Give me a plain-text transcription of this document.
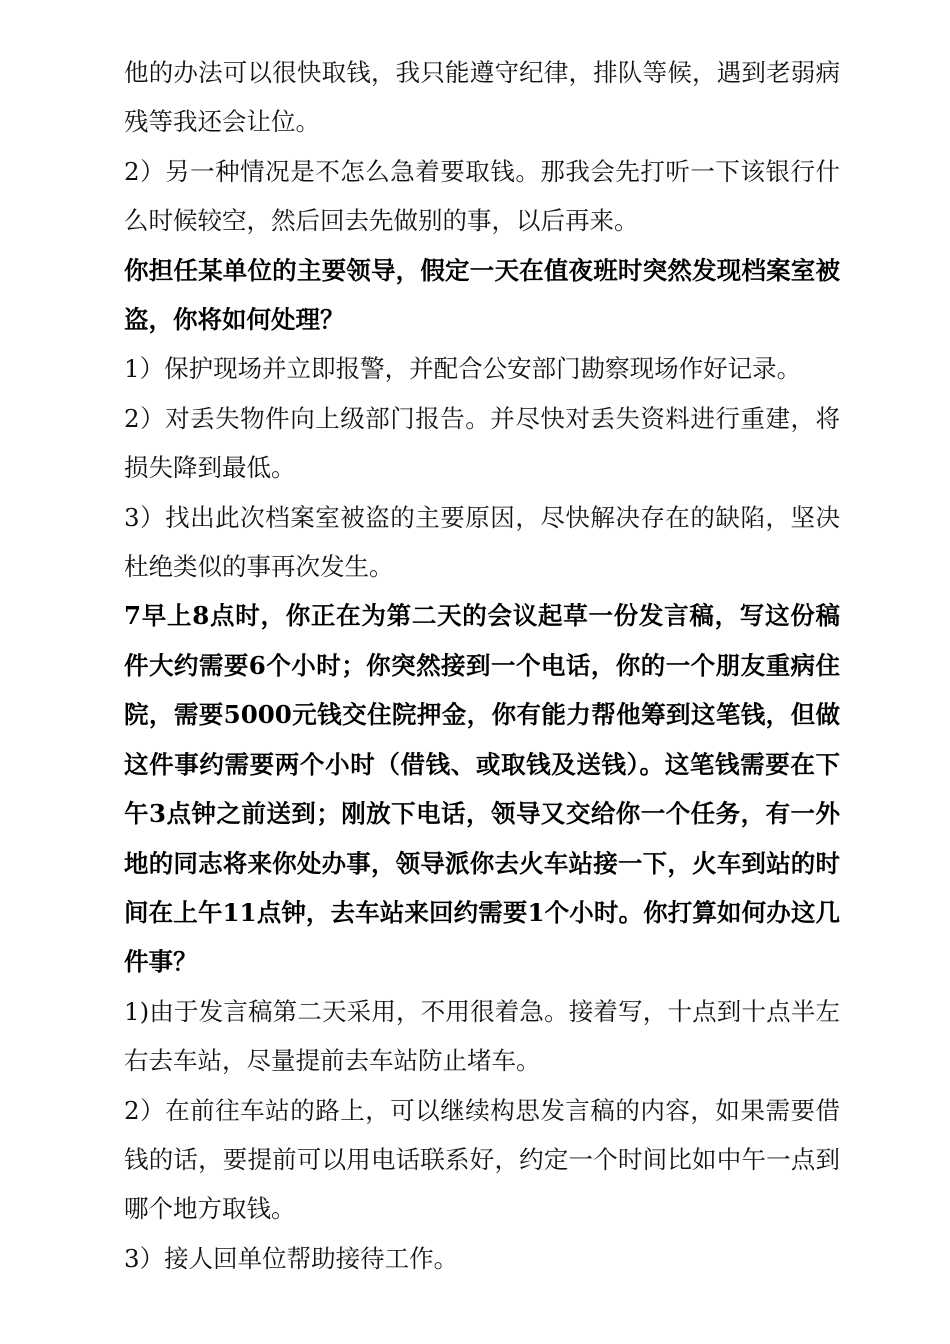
他的办法可以很快取钱，我只能遵守纪律，排队等候，遇到老弱病残等我还会让位。

2）另一种情况是不怎么急着要取钱。那我会先打听一下该银行什么时候较空，然后回去先做别的事，以后再来。

你担任某单位的主要领导，假定一天在值夜班时突然发现档案室被盗，你将如何处理？

1）保护现场并立即报警，并配合公安部门勘察现场作好记录。

2）对丢失物件向上级部门报告。并尽快对丢失资料进行重建，将损失降到最低。

3）找出此次档案室被盗的主要原因，尽快解决存在的缺陷，坚决杜绝类似的事再次发生。

7早上8点时，你正在为第二天的会议起草一份发言稿，写这份稿件大约需要6个小时；你突然接到一个电话，你的一个朋友重病住院，需要5000元钱交住院押金，你有能力帮他筹到这笔钱，但做这件事约需要两个小时（借钱、或取钱及送钱）。这笔钱需要在下午3点钟之前送到；刚放下电话，领导又交给你一个任务，有一外地的同志将来你处办事，领导派你去火车站接一下，火车到站的时间在上午11点钟，去车站来回约需要1个小时。你打算如何办这几件事？

1)由于发言稿第二天采用，不用很着急。接着写，十点到十点半左右去车站，尽量提前去车站防止堵车。

2）在前往车站的路上，可以继续构思发言稿的内容，如果需要借钱的话，要提前可以用电话联系好，约定一个时间比如中午一点到哪个地方取钱。

3）接人回单位帮助接待工作。
